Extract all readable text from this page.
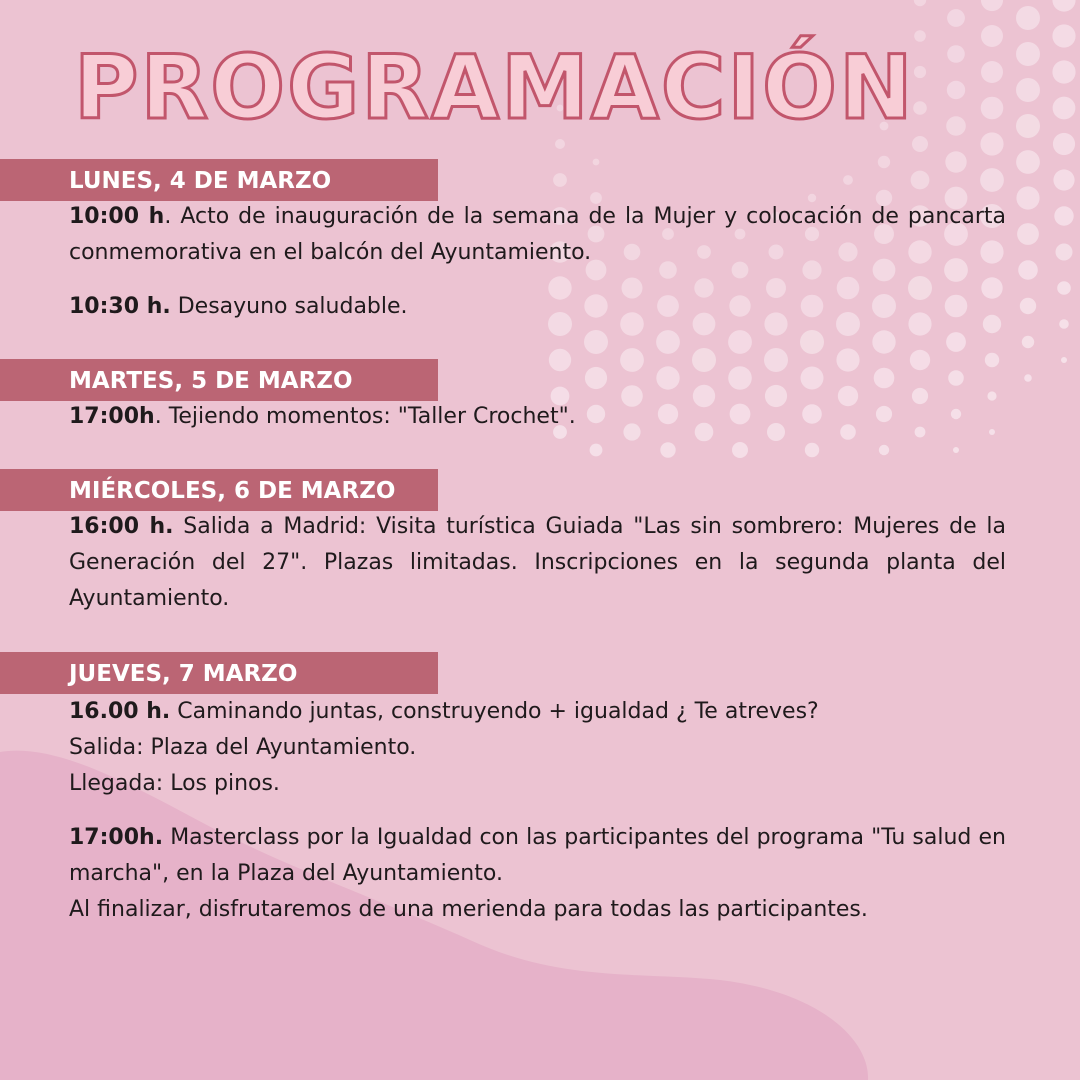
PROGRAMACIÓN
LUNES, 4 DE MARZO

10:00 h. Acto de inauguración de la semana de la Mujer y colocación de pancarta conmemorativa en el balcón del Ayuntamiento.

10:30 h. Desayuno saludable.

MARTES, 5 DE MARZO

17:00h. Tejiendo momentos: "Taller Crochet".

MIÉRCOLES, 6 DE MARZO

16:00 h. Salida a Madrid: Visita turística Guiada "Las sin sombrero: Mujeres de la Generación del 27". Plazas limitadas. Inscripciones en la segunda planta del Ayuntamiento.

JUEVES, 7 MARZO

16.00 h. Caminando juntas, construyendo + igualdad ¿ Te atreves?

Salida: Plaza del Ayuntamiento.

Llegada: Los pinos.

17:00h. Masterclass por la Igualdad con las participantes del programa "Tu salud en marcha", en la Plaza del Ayuntamiento.

Al finalizar, disfrutaremos de una merienda para todas las participantes.
